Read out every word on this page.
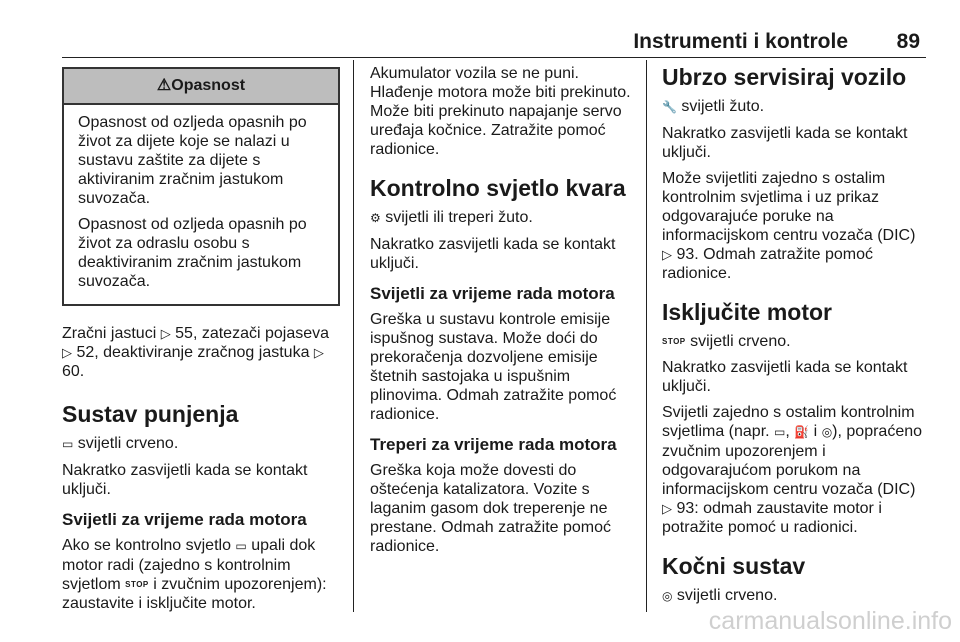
Instrumenti i kontrole 89
⚠Opasnost

Opasnost od ozljeda opasnih po život za dijete koje se nalazi u sustavu zaštite za dijete s aktiviranim zračnim jastukom suvozača.

Opasnost od ozljeda opasnih po život za odraslu osobu s deaktiviranim zračnim jastukom suvozača.

Zračni jastuci ▷ 55, zatezači pojaseva ▷ 52, deaktiviranje zračnog jastuka ▷ 60.

Sustav punjenja

▭ svijetli crveno.

Nakratko zasvijetli kada se kontakt uključi.

Svijetli za vrijeme rada motora

Ako se kontrolno svjetlo ▭ upali dok motor radi (zajedno s kontrolnim svjetlom STOP i zvučnim upozorenjem): zaustavite i isključite motor.

Akumulator vozila se ne puni. Hlađenje motora može biti prekinuto. Može biti prekinuto napajanje servo uređaja kočnice. Zatražite pomoć radionice.

Kontrolno svjetlo kvara

⚙ svijetli ili treperi žuto.

Nakratko zasvijetli kada se kontakt uključi.

Svijetli za vrijeme rada motora

Greška u sustavu kontrole emisije ispušnog sustava. Može doći do prekoračenja dozvoljene emisije štetnih sastojaka u ispušnim plinovima. Odmah zatražite pomoć radionice.

Treperi za vrijeme rada motora

Greška koja može dovesti do oštećenja katalizatora. Vozite s laganim gasom dok treperenje ne prestane. Odmah zatražite pomoć radionice.

Ubrzo servisiraj vozilo

🔧 svijetli žuto.

Nakratko zasvijetli kada se kontakt uključi.

Može svijetliti zajedno s ostalim kontrolnim svjetlima i uz prikaz odgovarajuće poruke na informacijskom centru vozača (DIC) ▷ 93. Odmah zatražite pomoć radionice.

Isključite motor

STOP svijetli crveno.

Nakratko zasvijetli kada se kontakt uključi.

Svijetli zajedno s ostalim kontrolnim svjetlima (napr. ▭, ⛽ i ◎), popraćeno zvučnim upozorenjem i odgovarajućom porukom na informacijskom centru vozača (DIC) ▷ 93: odmah zaustavite motor i potražite pomoć u radionici.

Kočni sustav

◎ svijetli crveno.

carmanualsonline.info
